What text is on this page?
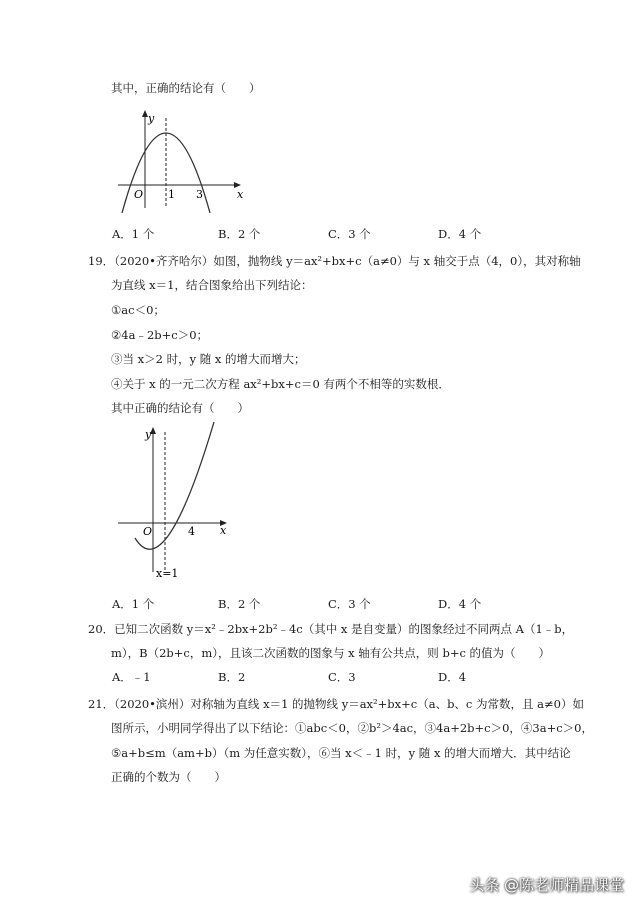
其中，正确的结论有（　　）
y
x
O 1 3
A．1 个	B．2 个	C．3 个	D．4 个
19．（2020•齐齐哈尔）如图，抛物线 y＝ax²+bx+c（a≠0）与 x 轴交于点（4，0），其对称轴
为直线 x＝1，结合图象给出下列结论：
①ac＜0；
②4a﹣2b+c＞0；
③当 x＞2 时，y 随 x 的增大而增大；
④关于 x 的一元二次方程 ax²+bx+c＝0 有两个不相等的实数根．
其中正确的结论有（　　）
y
x
O	4
x=1
A．1 个	B．2 个	C．3 个	D．4 个
20．已知二次函数 y＝x²﹣2bx+2b²﹣4c（其中 x 是自变量）的图象经过不同两点 A（1﹣b，
m），B（2b+c，m），且该二次函数的图象与 x 轴有公共点，则 b+c 的值为（　　）
A．﹣1	B．2	C．3	D．4
21．（2020•滨州）对称轴为直线 x＝1 的抛物线 y＝ax²+bx+c（a、b、c 为常数，且 a≠0）如
图所示，小明同学得出了以下结论：①abc＜0，②b²＞4ac，③4a+2b+c＞0，④3a+c＞0，
⑤a+b≤m（am+b）（m 为任意实数），⑥当 x＜﹣1 时，y 随 x 的增大而增大．其中结论
正确的个数为（　　）
头条 @陈老师精品课堂
